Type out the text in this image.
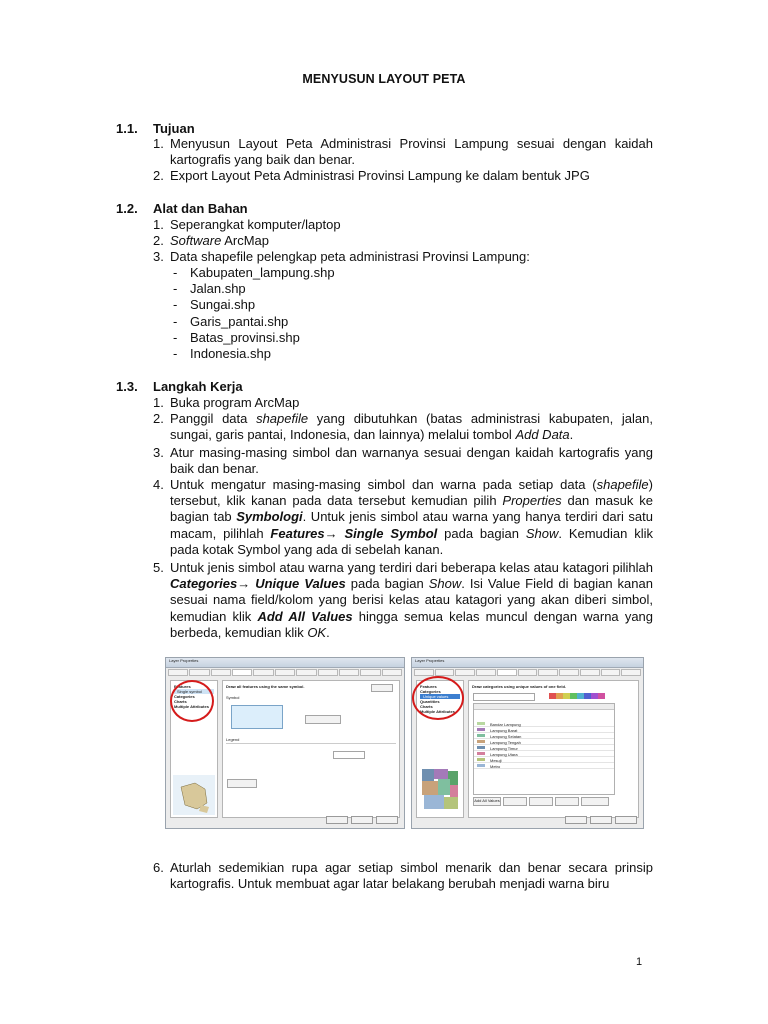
MENYUSUN LAYOUT PETA
1.1. Tujuan
1. Menyusun Layout Peta Administrasi Provinsi Lampung sesuai dengan kaidah kartografis yang baik dan benar.
2. Export Layout Peta Administrasi Provinsi Lampung ke dalam bentuk JPG
1.2. Alat dan Bahan
1. Seperangkat komputer/laptop
2. Software ArcMap
3. Data shapefile pelengkap peta administrasi Provinsi Lampung:
- Kabupaten_lampung.shp
- Jalan.shp
- Sungai.shp
- Garis_pantai.shp
- Batas_provinsi.shp
- Indonesia.shp
1.3. Langkah Kerja
1. Buka program ArcMap
2. Panggil data shapefile yang dibutuhkan (batas administrasi kabupaten, jalan, sungai, garis pantai, Indonesia, dan lainnya) melalui tombol Add Data.
3. Atur masing-masing simbol dan warnanya sesuai dengan kaidah kartografis yang baik dan benar.
4. Untuk mengatur masing-masing simbol dan warna pada setiap data (shapefile) tersebut, klik kanan pada data tersebut kemudian pilih Properties dan masuk ke bagian tab Symbologi. Untuk jenis simbol atau warna yang hanya terdiri dari satu macam, pilihlah Features→ Single Symbol pada bagian Show. Kemudian klik pada kotak Symbol yang ada di sebelah kanan.
5. Untuk jenis simbol atau warna yang terdiri dari beberapa kelas atau katagori pilihlah Categories→ Unique Values pada bagian Show. Isi Value Field di bagian kanan sesuai nama field/kolom yang berisi kelas atau katagori yang akan diberi simbol, kemudian klik Add All Values hingga semua kelas muncul dengan warna yang berbeda, kemudian klik OK.
Layer Properties
Features
Single symbol
Categories
Charts
Multiple Attributes
Draw all features using the same symbol.
Symbol
Legend
Layer Properties
Features
Categories
Unique values
Quantities
Charts
Multiple Attributes
Draw categories using unique values of one field.
Bandar Lampung
Lampung Barat
Lampung Selatan
Lampung Tengah
Lampung Timur
Lampung Utara
Mesuji
Metro
Add All Values
6. Aturlah sedemikian rupa agar setiap simbol menarik dan benar secara prinsip kartografis. Untuk membuat agar latar belakang berubah menjadi warna biru
1
